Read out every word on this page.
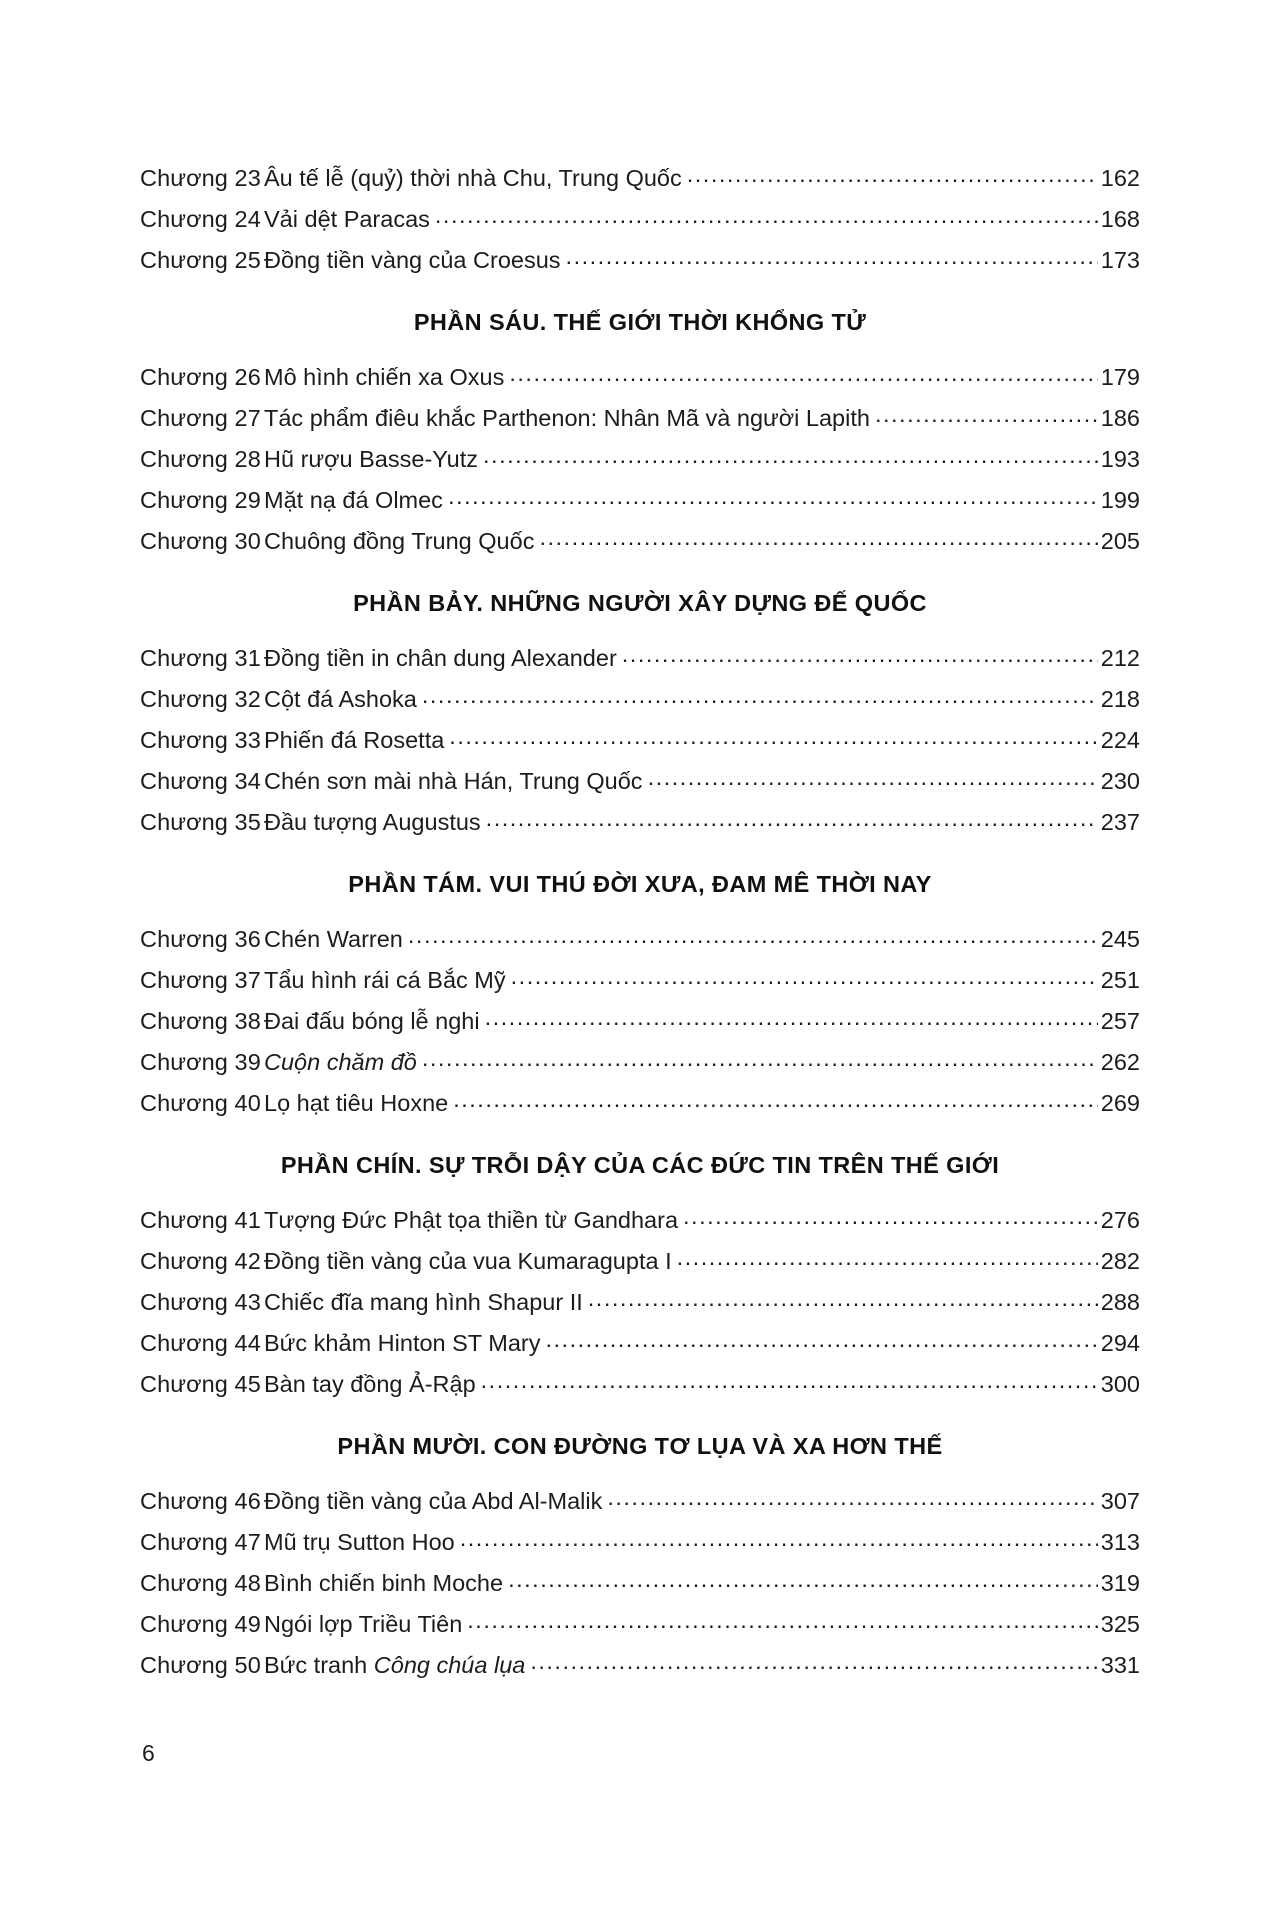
Chương 23 Âu tế lễ (quỷ) thời nhà Chu, Trung Quốc .....	162
Chương 24 Vải dệt Paracas .....	168
Chương 25 Đồng tiền vàng của Croesus .....	173
PHẦN SÁU. THẾ GIỚI THỜI KHỔNG TỬ
Chương 26 Mô hình chiến xa Oxus .....	179
Chương 27 Tác phẩm điêu khắc Parthenon: Nhân Mã và người Lapith .....	186
Chương 28 Hũ rượu Basse-Yutz .....	193
Chương 29 Mặt nạ đá Olmec .....	199
Chương 30 Chuông đồng Trung Quốc .....	205
PHẦN BẢY. NHỮNG NGƯỜI XÂY DỰNG ĐẾ QUỐC
Chương 31 Đồng tiền in chân dung Alexander .....	212
Chương 32 Cột đá Ashoka .....	218
Chương 33 Phiến đá Rosetta .....	224
Chương 34 Chén sơn mài nhà Hán, Trung Quốc .....	230
Chương 35 Đầu tượng Augustus .....	237
PHẦN TÁM. VUI THÚ ĐỜI XƯA, ĐAM MÊ THỜI NAY
Chương 36 Chén Warren .....	245
Chương 37 Tẩu hình rái cá Bắc Mỹ .....	251
Chương 38 Đai đấu bóng lễ nghi .....	257
Chương 39 Cuộn chăm đồ .....	262
Chương 40 Lọ hạt tiêu Hoxne .....	269
PHẦN CHÍN. SỰ TRỖI DẬY CỦA CÁC ĐỨC TIN TRÊN THẾ GIỚI
Chương 41 Tượng Đức Phật tọa thiền từ Gandhara .....	276
Chương 42 Đồng tiền vàng của vua Kumaragupta I .....	282
Chương 43 Chiếc đĩa mang hình Shapur II .....	288
Chương 44 Bức khảm Hinton ST Mary .....	294
Chương 45 Bàn tay đồng Ả-Rập .....	300
PHẦN MƯỜI. CON ĐƯỜNG TƠ LỤA VÀ XA HƠN THẾ
Chương 46 Đồng tiền vàng của Abd Al-Malik .....	307
Chương 47 Mũ trụ Sutton Hoo .....	313
Chương 48 Bình chiến binh Moche .....	319
Chương 49 Ngói lợp Triều Tiên .....	325
Chương 50 Bức tranh Công chúa lụa .....	331
6
